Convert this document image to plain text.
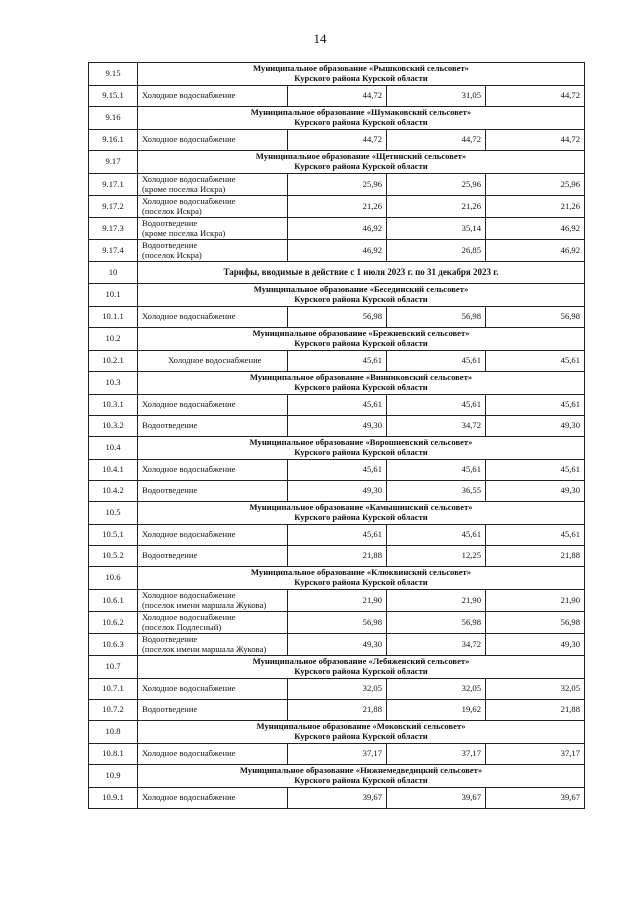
14
9.15	Муниципальное образование «Рышковский сельсовет»
Курского района Курской области			

9.15.1	Холодное водоснабжение	44,72	31,05	44,72
9.16	Муниципальное образование «Шумаковский сельсовет»
Курского района Курской области			

9.16.1	Холодное водоснабжение	44,72	44,72	44,72
9.17	Муниципальное образование «Щетинский сельсовет»
Курского района Курской области			

9.17.1	Холодное водоснабжение
(кроме поселка Искра)	25,96	25,96	25,96
9.17.2	Холодное водоснабжение
(поселок Искра)	21,26	21,26	21,26
9.17.3	Водоотведение
(кроме поселка Искра)	46,92	35,14	46,92
9.17.4	Водоотведение
(поселок Искра)	46,92	26,85	46,92
10	Тарифы, вводимые в действие с 1 июля 2023 г. по 31 декабря 2023 г.			
10.1	Муниципальное образование «Бесединский сельсовет»
Курского района Курской области			

10.1.1	Холодное водоснабжение	56,98	56,98	56,98
10.2	Муниципальное образование «Брежневский сельсовет»
Курского района Курской области			

10.2.1	Холодное водоснабжение	45,61	45,61	45,61
10.3	Муниципальное образование «Винниковский сельсовет»
Курского района Курской области			

10.3.1	Холодное водоснабжение	45,61	45,61	45,61
10.3.2	Водоотведение	49,30	34,72	49,30
10.4	Муниципальное образование «Ворошневский сельсовет»
Курского района Курской области			

10.4.1	Холодное водоснабжение	45,61	45,61	45,61
10.4.2	Водоотведение	49,30	36,55	49,30
10.5	Муниципальное образование «Камышинский сельсовет»
Курского района Курской области			

10.5.1	Холодное водоснабжение	45,61	45,61	45,61
10.5.2	Водоотведение	21,88	12,25	21,88
10.6	Муниципальное образование «Клюквинский сельсовет»
Курского района Курской области			

10.6.1	Холодное водоснабжение
(поселок имени маршала Жукова)	21,90	21,90	21,90
10.6.2	Холодное водоснабжение
(поселок Подлесный)	56,98	56,98	56,98
10.6.3	Водоотведение
(поселок имени маршала Жукова)	49,30	34,72	49,30
10.7	Муниципальное образование «Лебяженский сельсовет»
Курского района Курской области			

10.7.1	Холодное водоснабжение	32,05	32,05	32,05
10.7.2	Водоотведение	21,88	19,62	21,88
10.8	Муниципальное образование «Моковский сельсовет»
Курского района Курской области			

10.8.1	Холодное водоснабжение	37,17	37,17	37,17
10.9	Муниципальное образование «Нижнемедведицкий сельсовет»
Курского района Курской области			

10.9.1	Холодное водоснабжение	39,67	39,67	39,67
